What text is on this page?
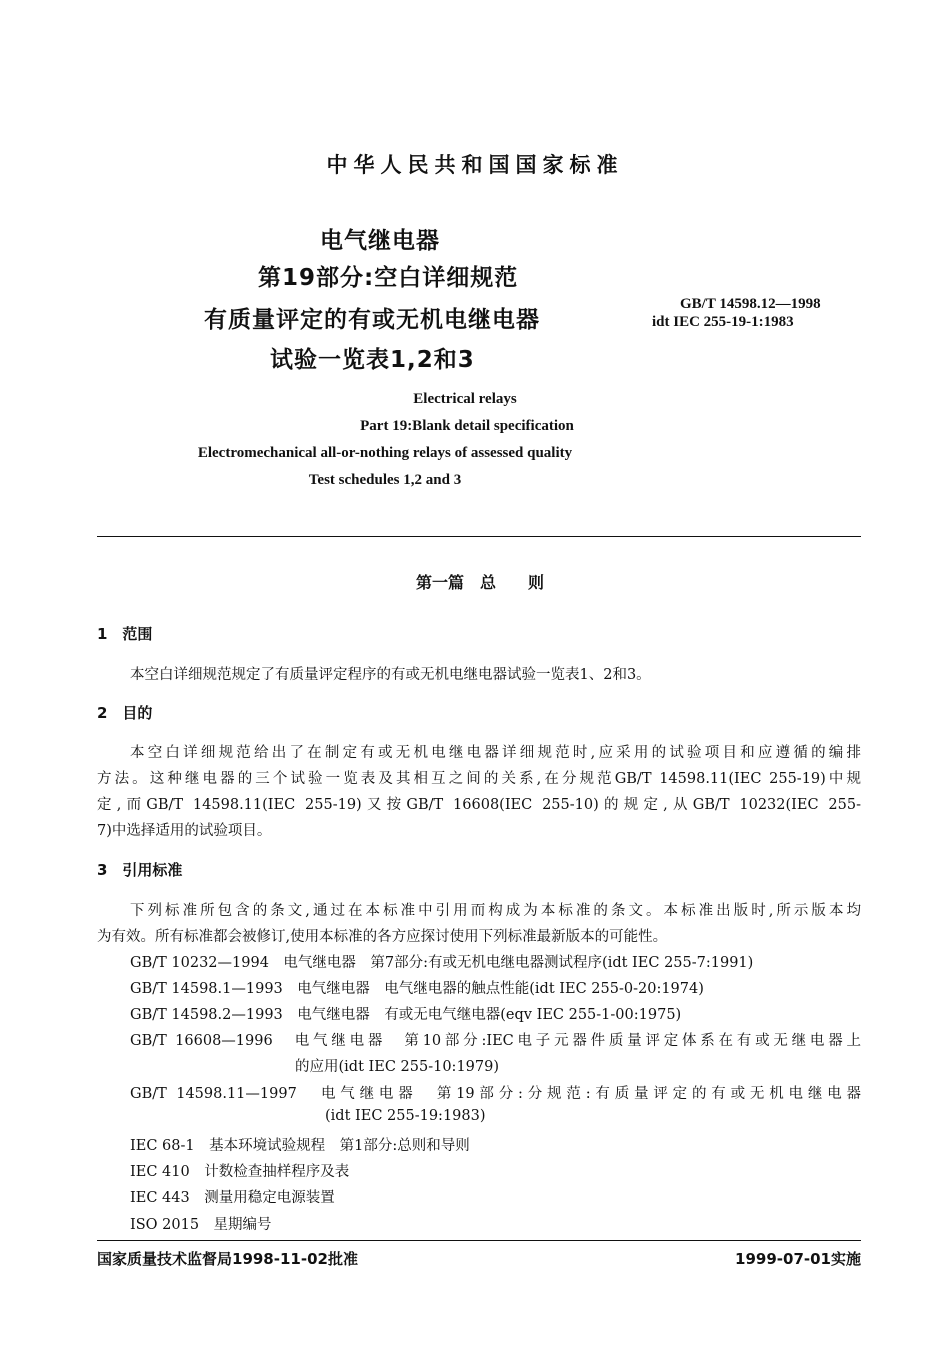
中华人民共和国国家标准
电气继电器
第19部分:空白详细规范
有质量评定的有或无机电继电器
试验一览表1,2和3
GB/T 14598.12—1998
idt IEC 255-19-1:1983
Electrical relays
Part 19:Blank detail specification
Electromechanical all-or-nothing relays of assessed quality
Test schedules 1,2 and 3
第一篇　总　　则
1　范围
本空白详细规范规定了有质量评定程序的有或无机电继电器试验一览表1、2和3。
2　目的
本空白详细规范给出了在制定有或无机电继电器详细规范时,应采用的试验项目和应遵循的编排
方法。这种继电器的三个试验一览表及其相互之间的关系,在分规范GB/T 14598.11(IEC 255-19)中规
定,而GB/T 14598.11(IEC 255-19)又按GB/T 16608(IEC 255-10)的规定,从GB/T 10232(IEC 255-
7)中选择适用的试验项目。
3　引用标准
下列标准所包含的条文,通过在本标准中引用而构成为本标准的条文。本标准出版时,所示版本均
为有效。所有标准都会被修订,使用本标准的各方应探讨使用下列标准最新版本的可能性。
GB/T 10232—1994　电气继电器　第7部分:有或无机电继电器测试程序(idt IEC 255-7:1991)
GB/T 14598.1—1993　电气继电器　电气继电器的触点性能(idt IEC 255-0-20:1974)
GB/T 14598.2—1993　电气继电器　有或无电气继电器(eqv IEC 255-1-00:1975)
GB/T 16608—1996　电气继电器　第10部分:IEC电子元器件质量评定体系在有或无继电器上
的应用(idt IEC 255-10:1979)
GB/T 14598.11—1997　电气继电器　第19部分:分规范:有质量评定的有或无机电继电器
(idt IEC 255-19:1983)
IEC 68-1　基本环境试验规程　第1部分:总则和导则
IEC 410　计数检查抽样程序及表
IEC 443　测量用稳定电源装置
ISO 2015　星期编号
国家质量技术监督局1998-11-02批准	1999-07-01实施
